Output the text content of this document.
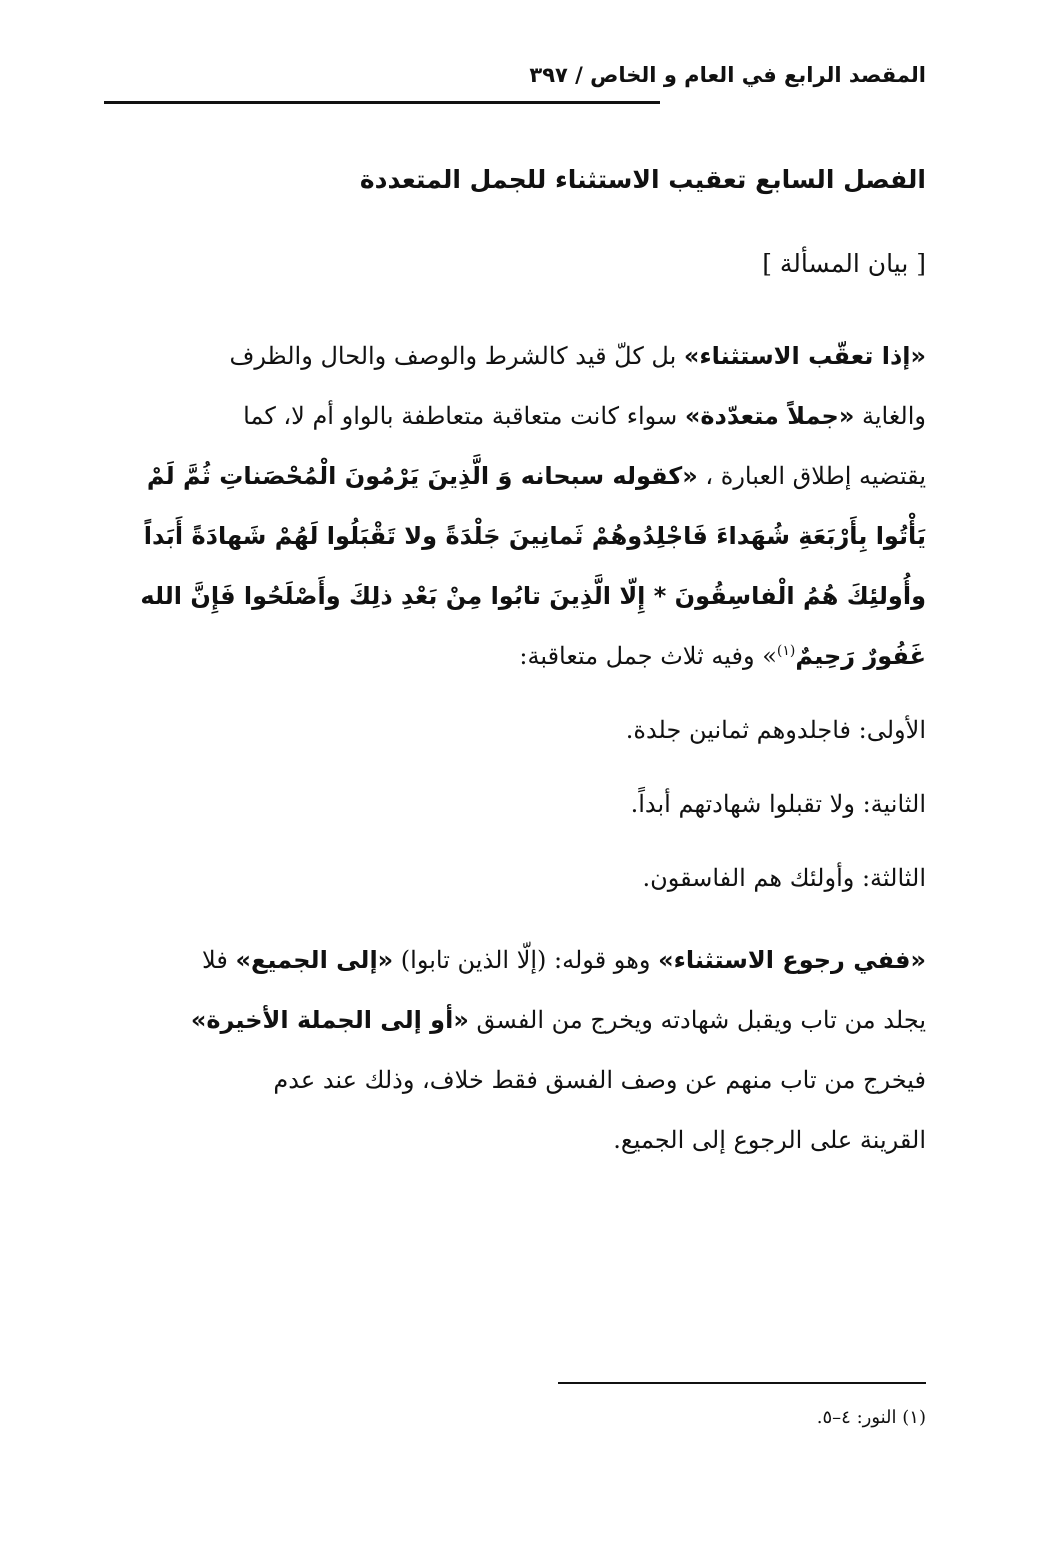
المقصد الرابع في العام و الخاص / ٣٩٧
الفصل السابع تعقيب الاستثناء للجمل المتعددة
[ بيان المسألة ]
«إذا تعقّب الاستثناء» بل كلّ قيد كالشرط والوصف والحال والظرف
والغاية «جملاً متعدّدة» سواء كانت متعاقبة متعاطفة بالواو أم لا، كما
يقتضيه إطلاق العبارة ، «كقوله سبحانه وَ الَّذِينَ يَرْمُونَ الْمُحْصَناتِ ثُمَّ لَمْ
يَأْتُوا بِأَرْبَعَةِ شُهَداءَ فَاجْلِدُوهُمْ ثَمانِينَ جَلْدَةً ولا تَقْبَلُوا لَهُمْ شَهادَةً أَبَداً
وأُولئِكَ هُمُ الْفاسِقُونَ * إِلّا الَّذِينَ تابُوا مِنْ بَعْدِ ذلِكَ وأَصْلَحُوا فَإِنَّ الله
غَفُورٌ رَحِيمٌ$^{(١)}$» وفيه ثلاث جمل متعاقبة:
الأولى: فاجلدوهم ثمانين جلدة.
الثانية: ولا تقبلوا شهادتهم أبداً.
الثالثة: وأولئك هم الفاسقون.
«ففي رجوع الاستثناء» وهو قوله: (إلّا الذين تابوا) «إلى الجميع» فلا
يجلد من تاب ويقبل شهادته ويخرج من الفسق «أو إلى الجملة الأخيرة»
فيخرج من تاب منهم عن وصف الفسق فقط خلاف، وذلك عند عدم
القرينة على الرجوع إلى الجميع.
(١) النور: ٤–٥.
